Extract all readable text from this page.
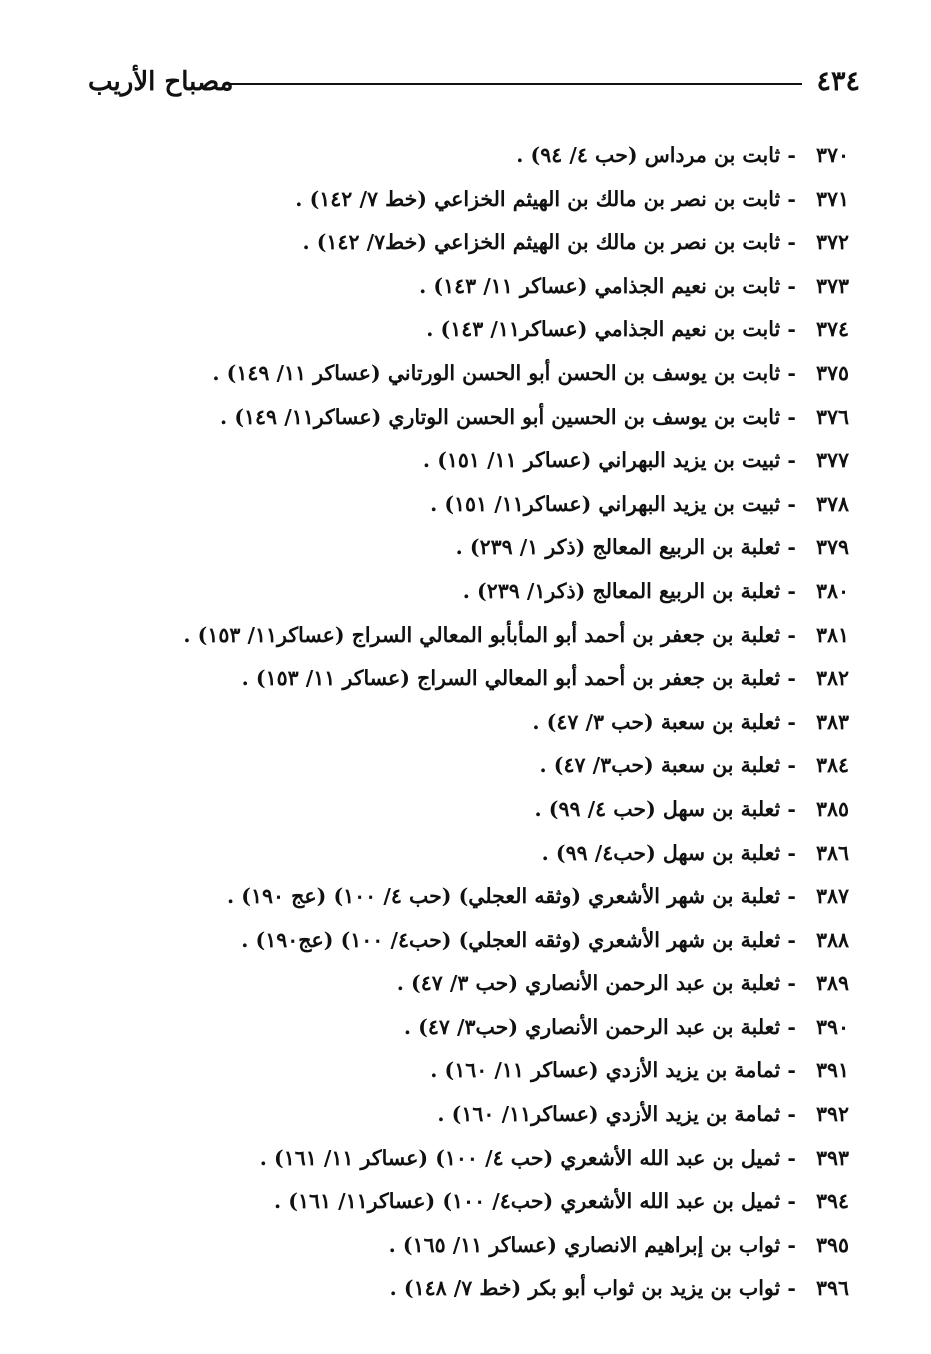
٤٣٤
مصباح الأريب
٣٧٠ - ثابت بن مرداس (حب ٤/ ٩٤) .
٣٧١ - ثابت بن نصر بن مالك بن الهيثم الخزاعي (خط ٧/ ١٤٢) .
٣٧٢ - ثابت بن نصر بن مالك بن الهيثم الخزاعي (خط٧/ ١٤٢) .
٣٧٣ - ثابت بن نعيم الجذامي (عساكر ١١/ ١٤٣) .
٣٧٤ - ثابت بن نعيم الجذامي (عساكر١١/ ١٤٣) .
٣٧٥ - ثابت بن يوسف بن الحسن أبو الحسن الورتاني (عساكر ١١/ ١٤٩) .
٣٧٦ - ثابت بن يوسف بن الحسين أبو الحسن الوتاري (عساكر١١/ ١٤٩) .
٣٧٧ - ثبيت بن يزيد البهراني (عساكر ١١/ ١٥١) .
٣٧٨ - ثبيت بن يزيد البهراني (عساكر١١/ ١٥١) .
٣٧٩ - ثعلبة بن الربيع المعالج (ذكر ١/ ٢٣٩) .
٣٨٠ - ثعلبة بن الربيع المعالج (ذكر١/ ٢٣٩) .
٣٨١ - ثعلبة بن جعفر بن أحمد أبو المأبأبو المعالي السراج (عساكر١١/ ١٥٣) .
٣٨٢ - ثعلبة بن جعفر بن أحمد أبو المعالي السراج (عساكر ١١/ ١٥٣) .
٣٨٣ - ثعلبة بن سعبة (حب ٣/ ٤٧) .
٣٨٤ - ثعلبة بن سعبة (حب٣/ ٤٧) .
٣٨٥ - ثعلبة بن سهل (حب ٤/ ٩٩) .
٣٨٦ - ثعلبة بن سهل (حب٤/ ٩٩) .
٣٨٧ - ثعلبة بن شهر الأشعري (وثقه العجلي) (حب ٤/ ١٠٠) (عج ١٩٠) .
٣٨٨ - ثعلبة بن شهر الأشعري (وثقه العجلي) (حب٤/ ١٠٠) (عج١٩٠) .
٣٨٩ - ثعلبة بن عبد الرحمن الأنصاري (حب ٣/ ٤٧) .
٣٩٠ - ثعلبة بن عبد الرحمن الأنصاري (حب٣/ ٤٧) .
٣٩١ - ثمامة بن يزيد الأزدي (عساكر ١١/ ١٦٠) .
٣٩٢ - ثمامة بن يزيد الأزدي (عساكر١١/ ١٦٠) .
٣٩٣ - ثميل بن عبد الله الأشعري (حب ٤/ ١٠٠) (عساكر ١١/ ١٦١) .
٣٩٤ - ثميل بن عبد الله الأشعري (حب٤/ ١٠٠) (عساكر١١/ ١٦١) .
٣٩٥ - ثواب بن إبراهيم الانصاري (عساكر ١١/ ١٦٥) .
٣٩٦ - ثواب بن يزيد بن ثواب أبو بكر (خط ٧/ ١٤٨) .
